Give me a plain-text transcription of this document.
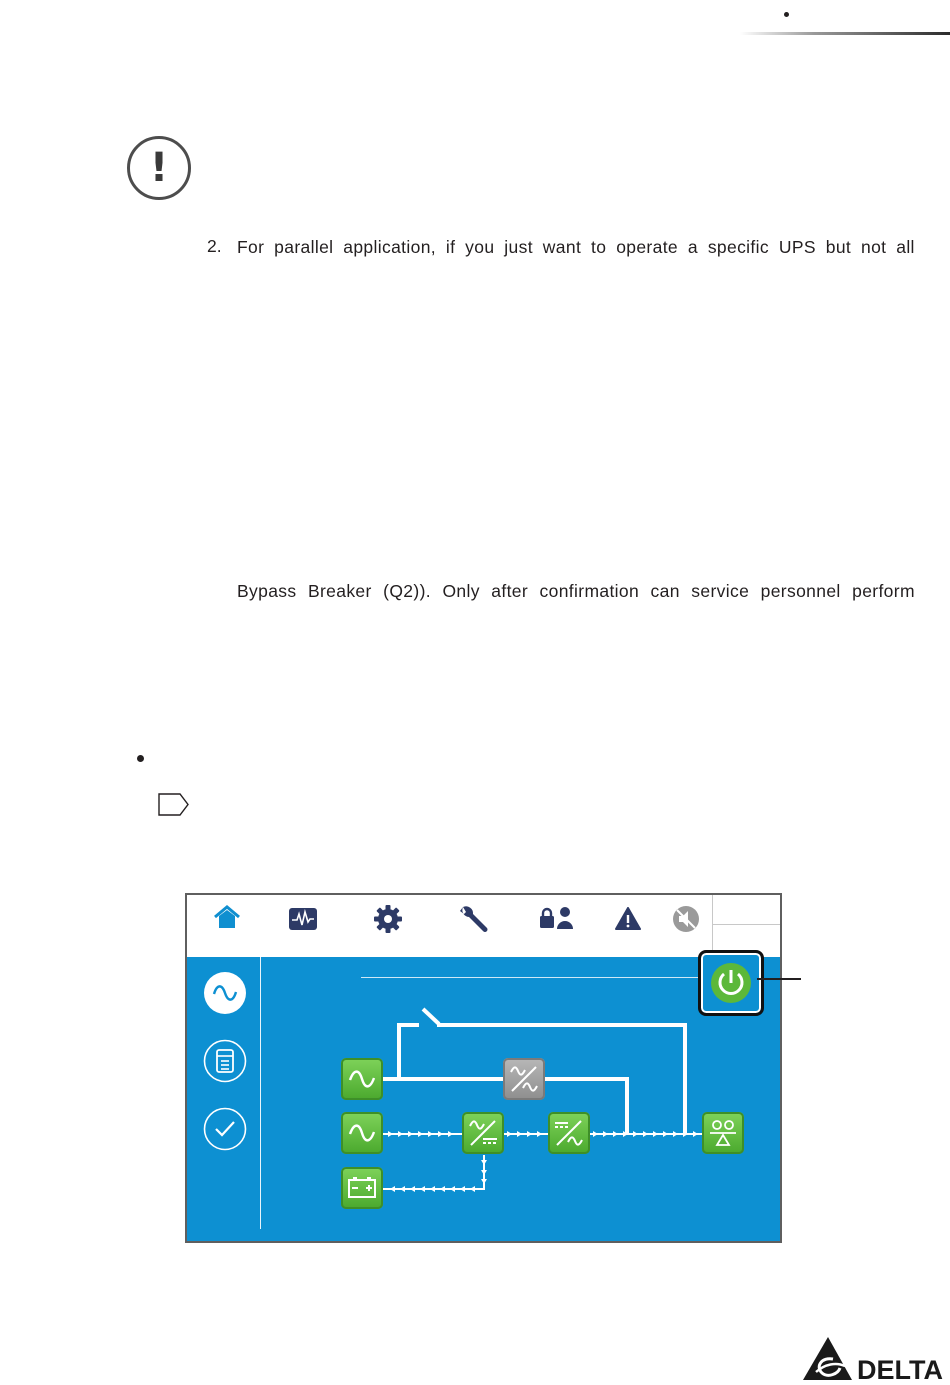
!
2. For parallel application, if you just want to operate a specific UPS but not all
Bypass Breaker (Q2)). Only after confirmation can service personnel perform
DELTA
